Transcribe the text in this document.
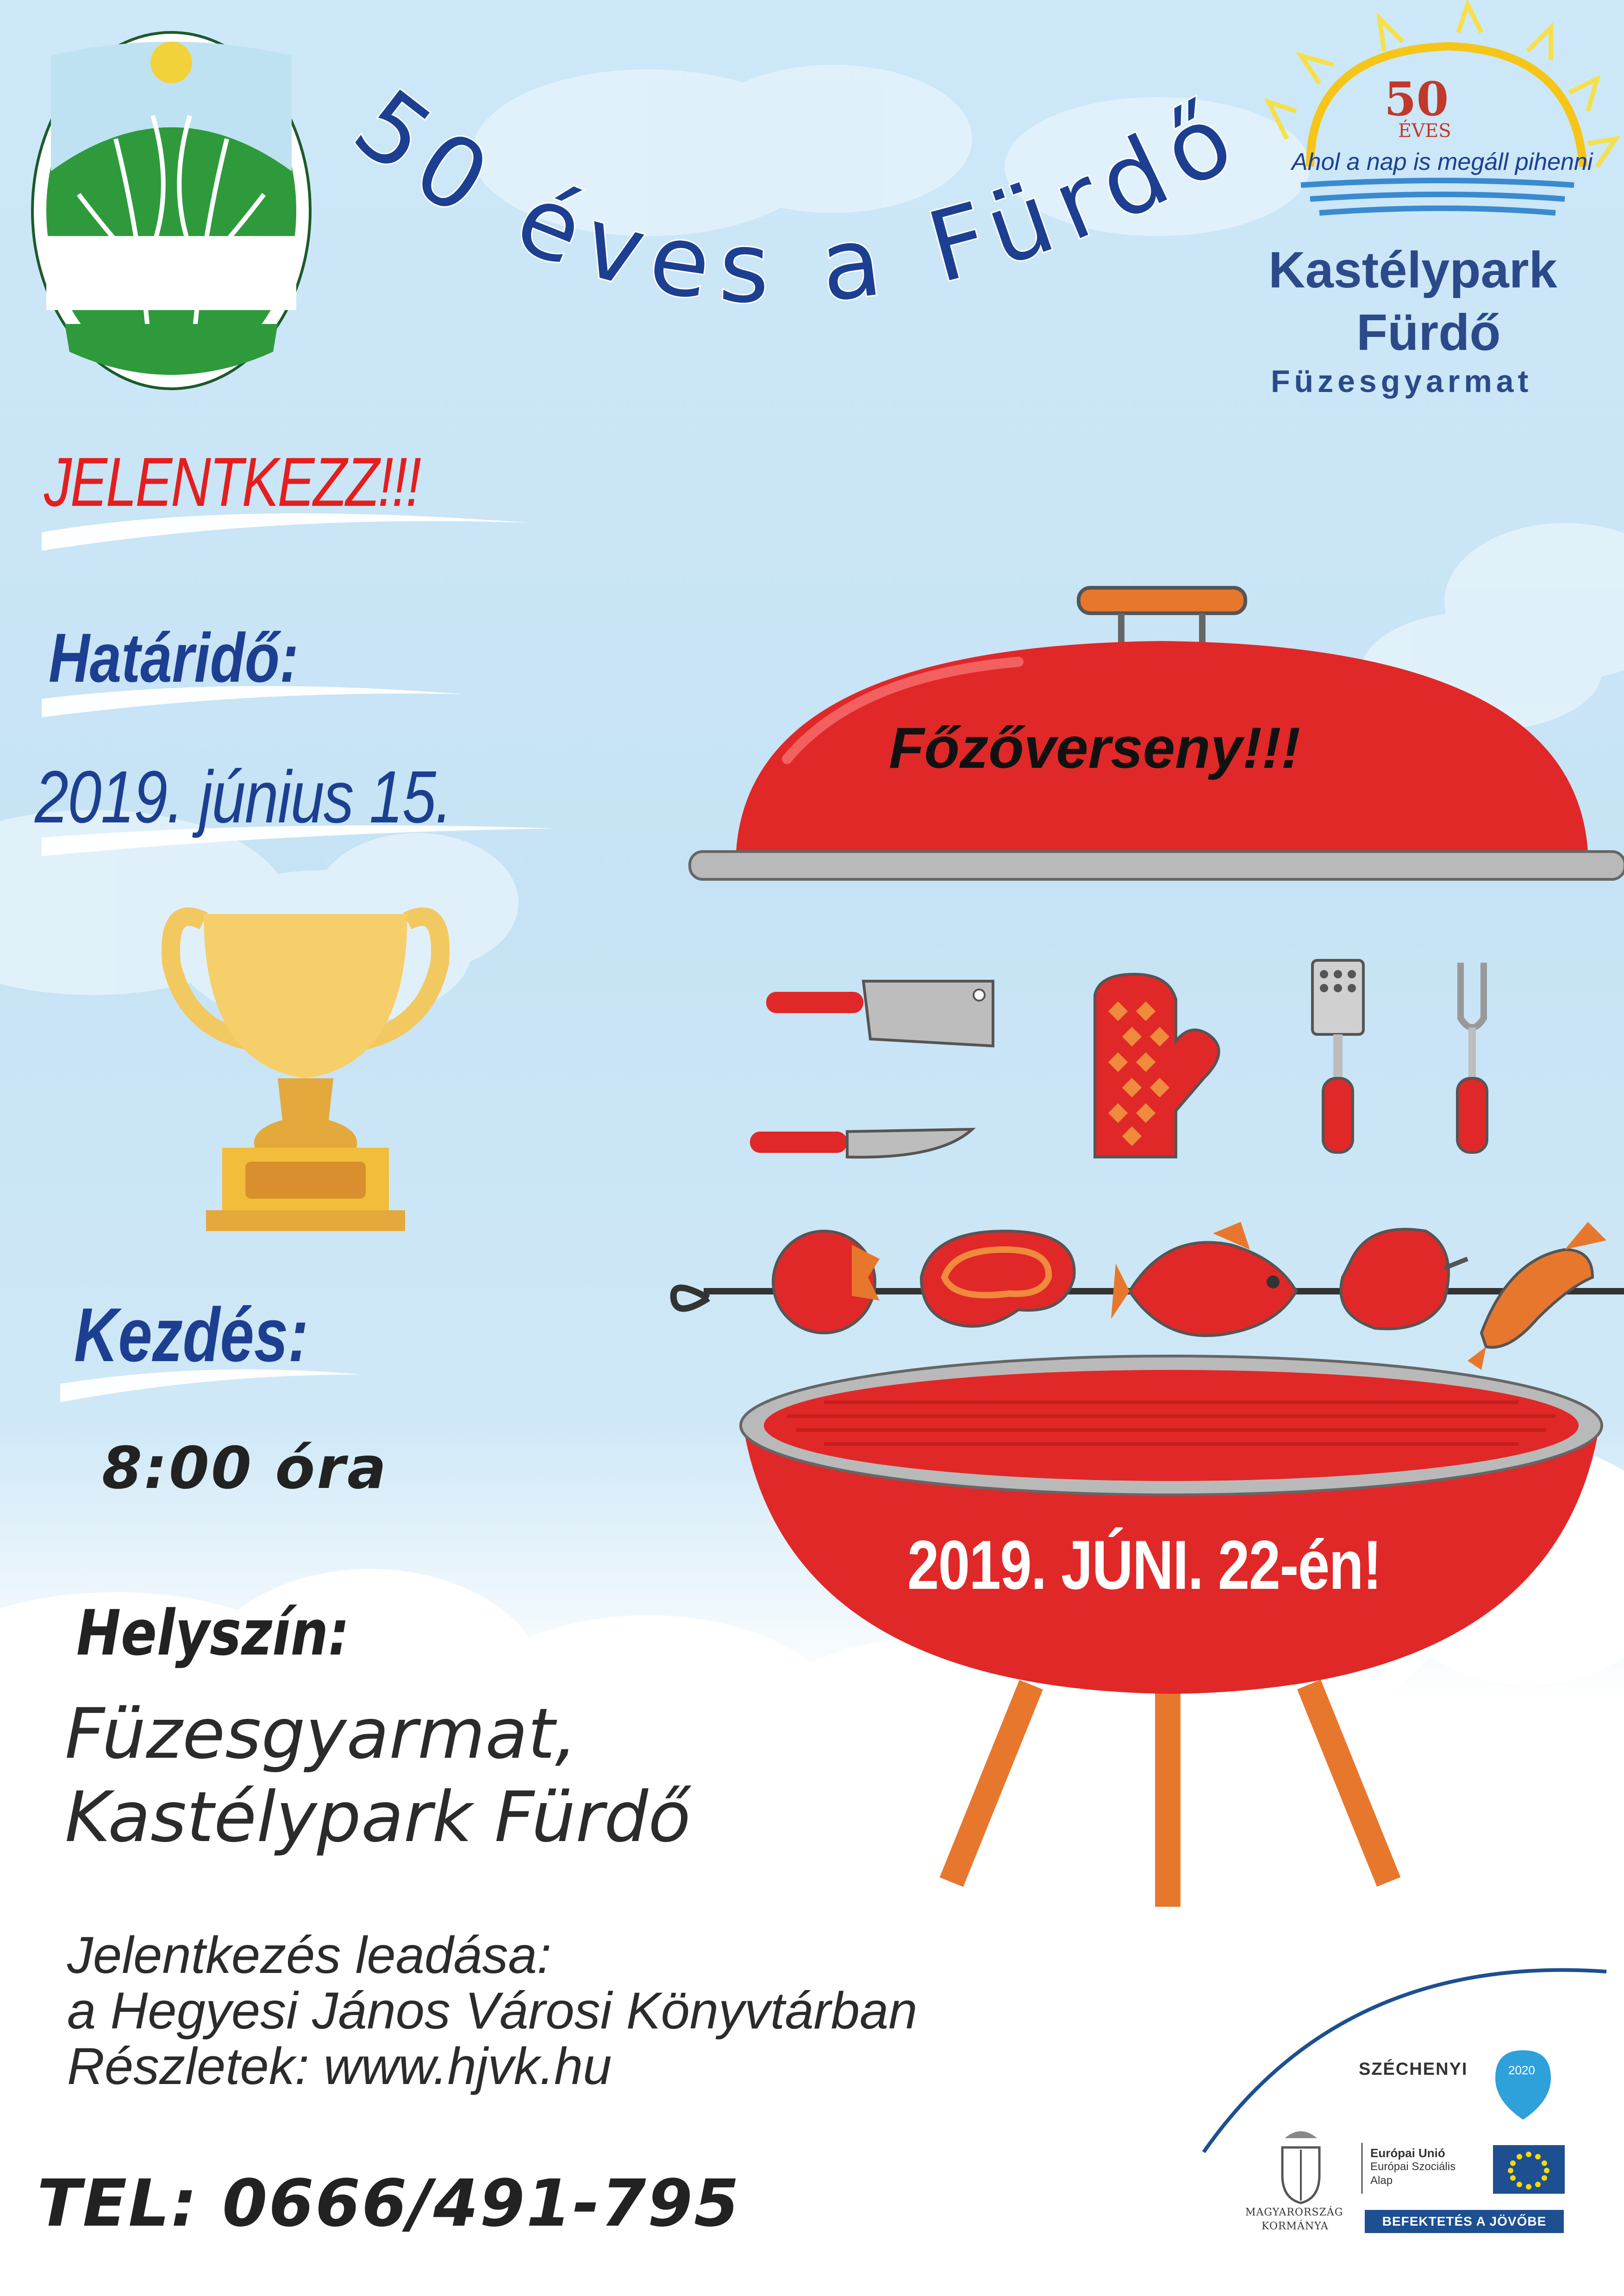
50 éves a Fürdő
ALKOTÓ KÖZÖSSÉGEK
FÜZESGYARMAT
50
ÉVES
Ahol a nap is megáll pihenni
Kastélypark
Fürdő
Füzesgyarmat
JELENTKEZZ!!!
Határidő:
2019. június 15.
Kezdés:
8:00 óra
Helyszín:
Füzesgyarmat,
Kastélypark Fürdő
Jelentkezés leadása:
a Hegyesi János Városi Könyvtárban
Részletek: www.hjvk.hu
TEL: 0666/491-795
Főzőverseny!!!
2019. JÚNI. 22-én!
SZÉCHENYI	2020
Európai Unió
Európai Szociális
Alap
BEFEKTETÉS A JÖVŐBE
MAGYARORSZÁG
KORMÁNYA
